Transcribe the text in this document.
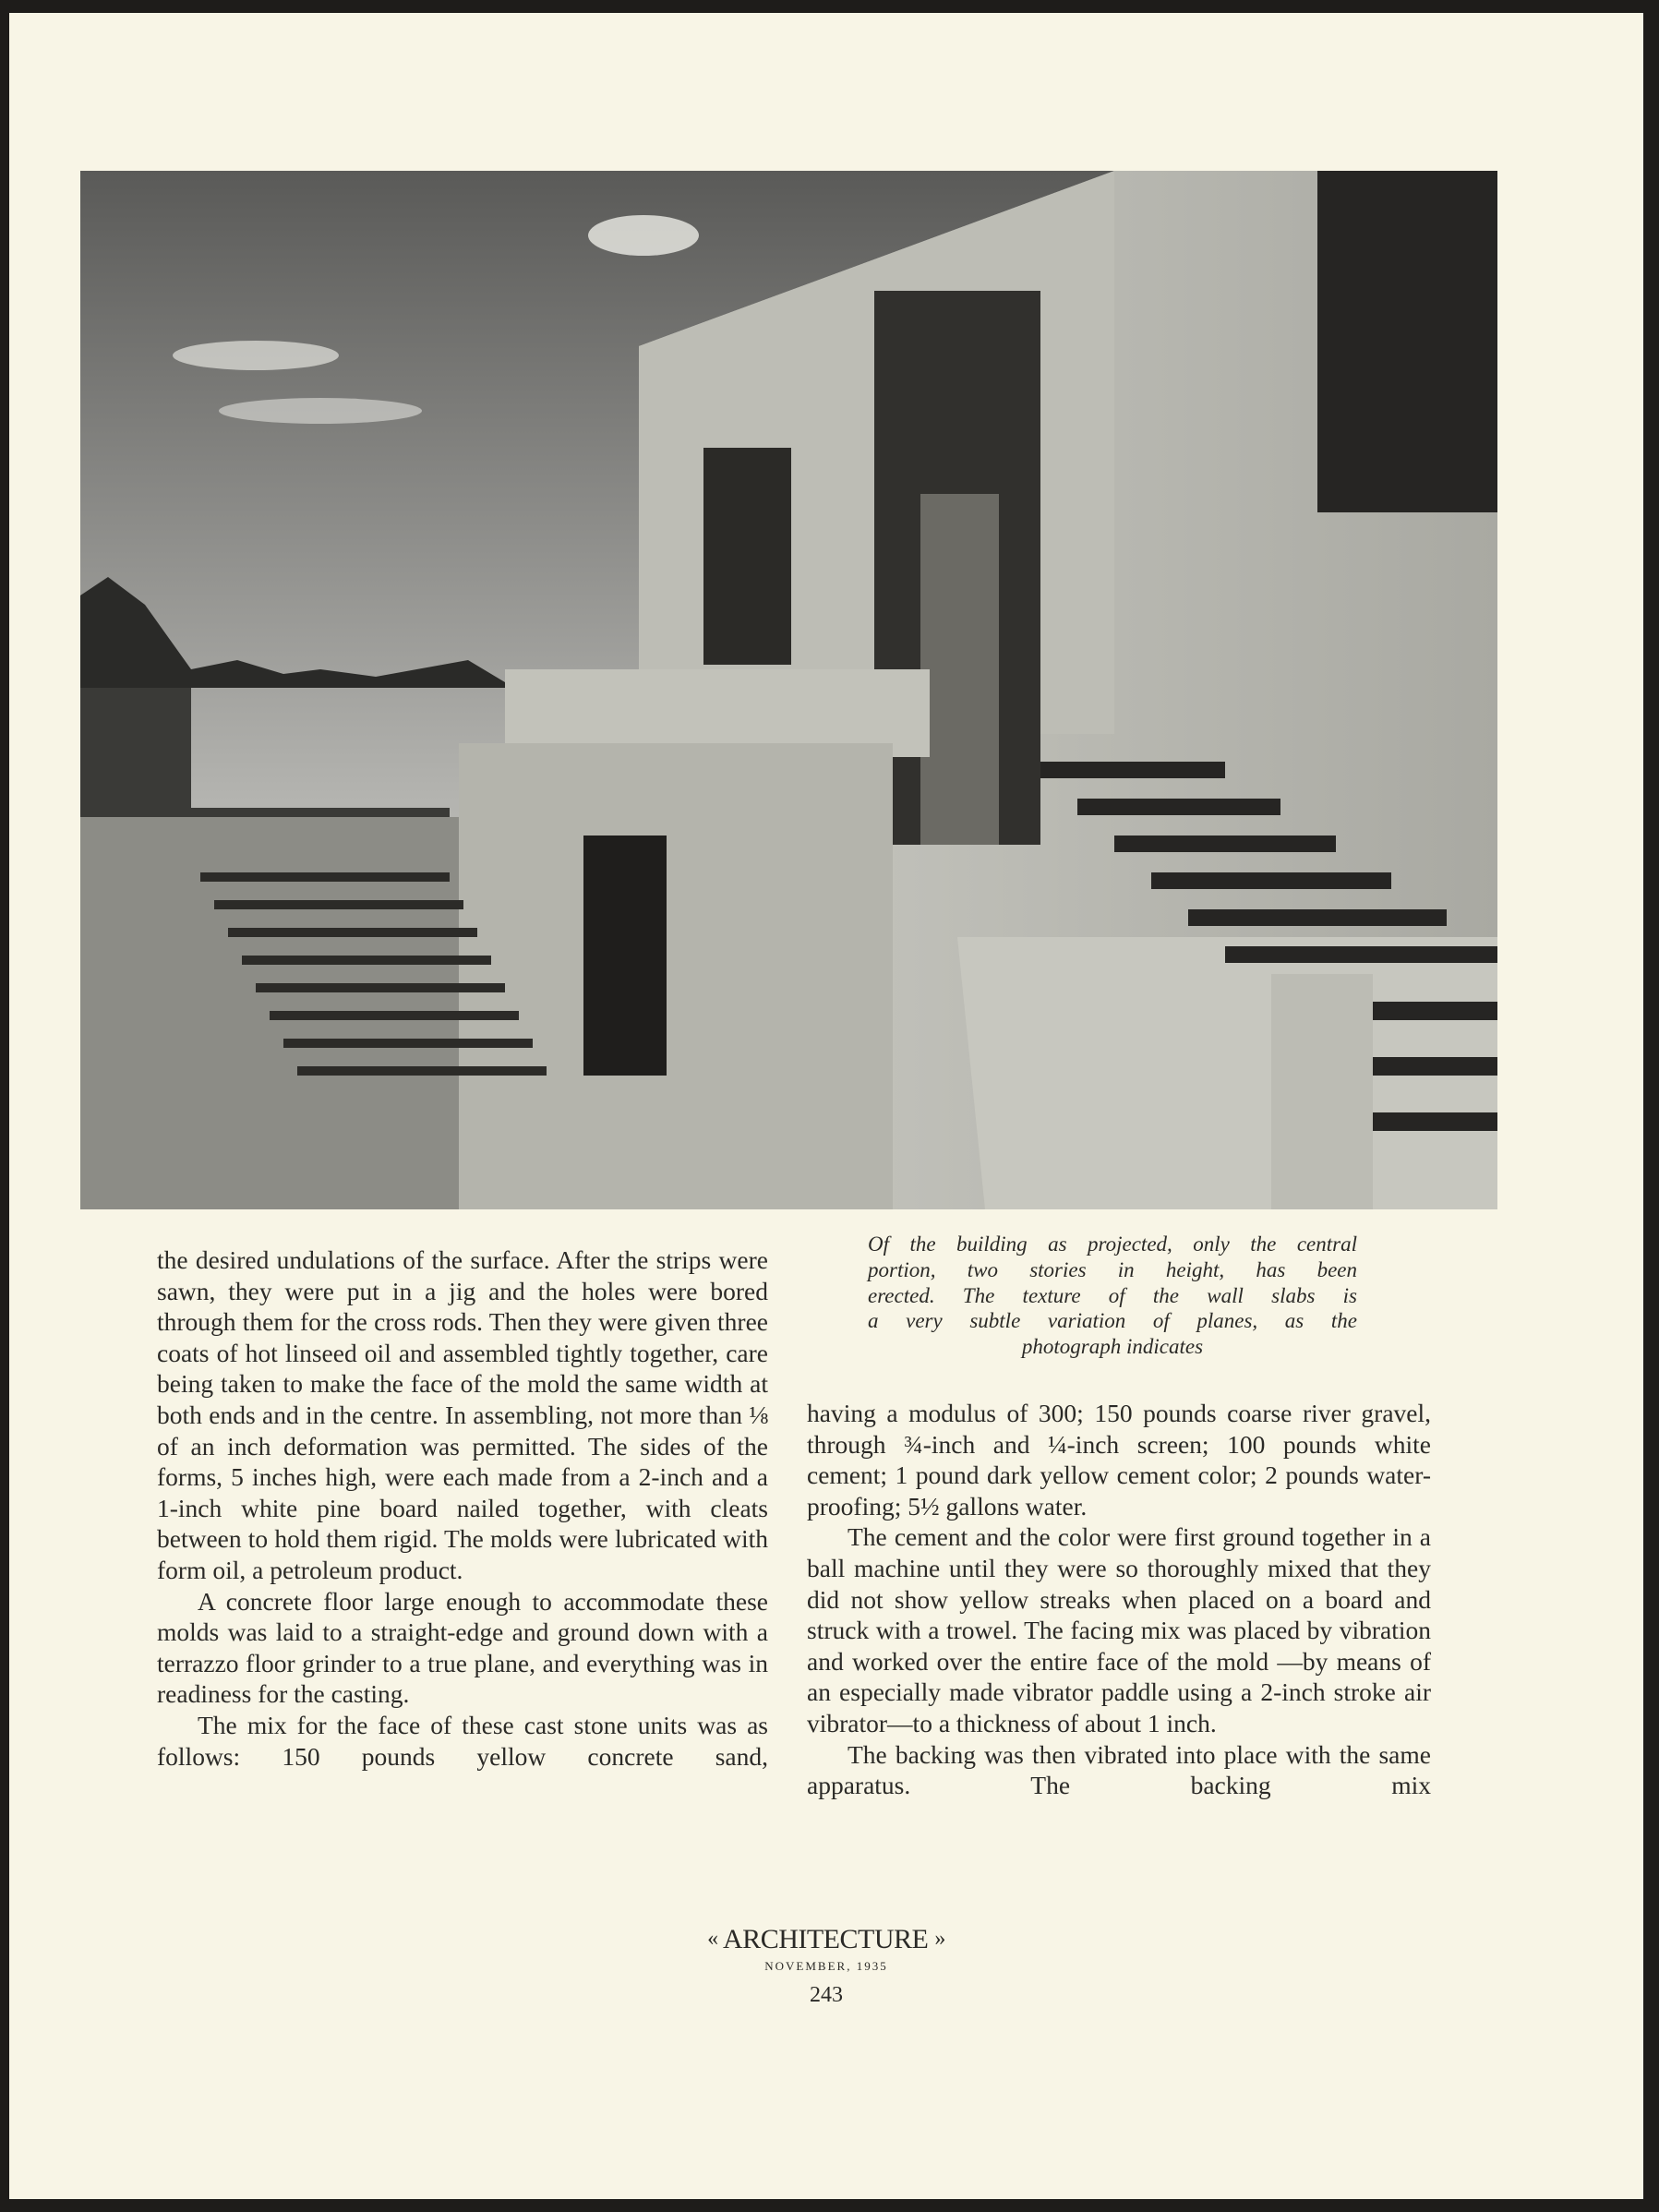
Of the building as projected, only the central
portion, two stories in height, has been
erected. The texture of the wall slabs is
a very subtle variation of planes, as the
photograph indicates

the desired undulations of the surface. After the strips were sawn, they were put in a jig and the holes were bored through them for the cross rods. Then they were given three coats of hot linseed oil and assembled tightly together, care being taken to make the face of the mold the same width at both ends and in the centre. In assembling, not more than ⅛ of an inch deformation was permitted. The sides of the forms, 5 inches high, were each made from a 2-inch and a 1-inch white pine board nailed together, with cleats between to hold them rigid. The molds were lubricated with form oil, a petroleum product.

A concrete floor large enough to accommodate these molds was laid to a straight-edge and ground down with a terrazzo floor grinder to a true plane, and everything was in readiness for the casting.

The mix for the face of these cast stone units was as follows: 150 pounds yellow concrete sand,

having a modulus of 300; 150 pounds coarse river gravel, through ¾-inch and ¼-inch screen; 100 pounds white cement; 1 pound dark yellow cement color; 2 pounds water-proofing; 5½ gallons water.

The cement and the color were first ground together in a ball machine until they were so thoroughly mixed that they did not show yellow streaks when placed on a board and struck with a trowel. The facing mix was placed by vibration and worked over the entire face of the mold —by means of an especially made vibrator paddle using a 2-inch stroke air vibrator—to a thickness of about 1 inch.

The backing was then vibrated into place with the same apparatus. The backing mix

« ARCHITECTURE »
NOVEMBER, 1935
243
